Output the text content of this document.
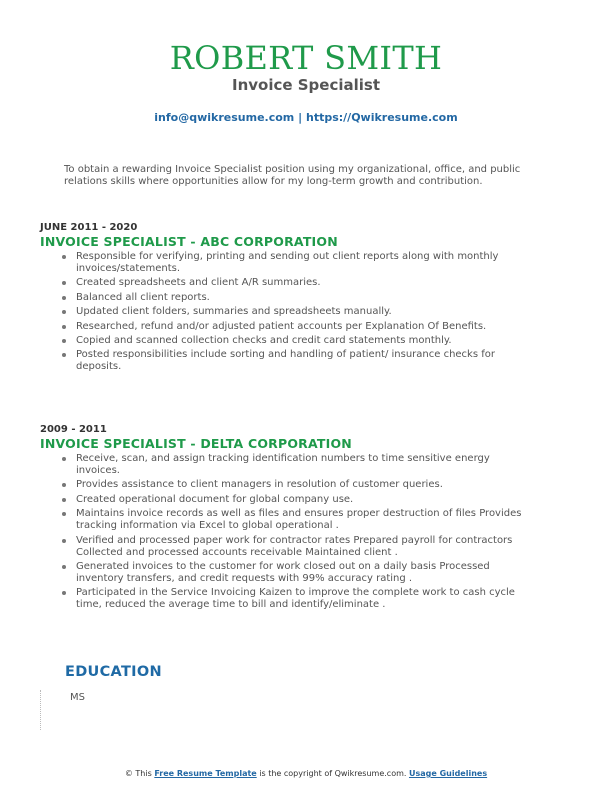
ROBERT SMITH
Invoice Specialist
info@qwikresume.com | https://Qwikresume.com
To obtain a rewarding Invoice Specialist position using my organizational, office, and public relations skills where opportunities allow for my long-term growth and contribution.
JUNE 2011 - 2020
INVOICE SPECIALIST - ABC CORPORATION
Responsible for verifying, printing and sending out client reports along with monthly invoices/statements.
Created spreadsheets and client A/R summaries.
Balanced all client reports.
Updated client folders, summaries and spreadsheets manually.
Researched, refund and/or adjusted patient accounts per Explanation Of Benefits.
Copied and scanned collection checks and credit card statements monthly.
Posted responsibilities include sorting and handling of patient/ insurance checks for deposits.
2009 - 2011
INVOICE SPECIALIST - DELTA CORPORATION
Receive, scan, and assign tracking identification numbers to time sensitive energy invoices.
Provides assistance to client managers in resolution of customer queries.
Created operational document for global company use.
Maintains invoice records as well as files and ensures proper destruction of files Provides tracking information via Excel to global operational .
Verified and processed paper work for contractor rates Prepared payroll for contractors Collected and processed accounts receivable Maintained client .
Generated invoices to the customer for work closed out on a daily basis Processed inventory transfers, and credit requests with 99% accuracy rating .
Participated in the Service Invoicing Kaizen to improve the complete work to cash cycle time, reduced the average time to bill and identify/eliminate .
EDUCATION
MS
© This Free Resume Template is the copyright of Qwikresume.com. Usage Guidelines
